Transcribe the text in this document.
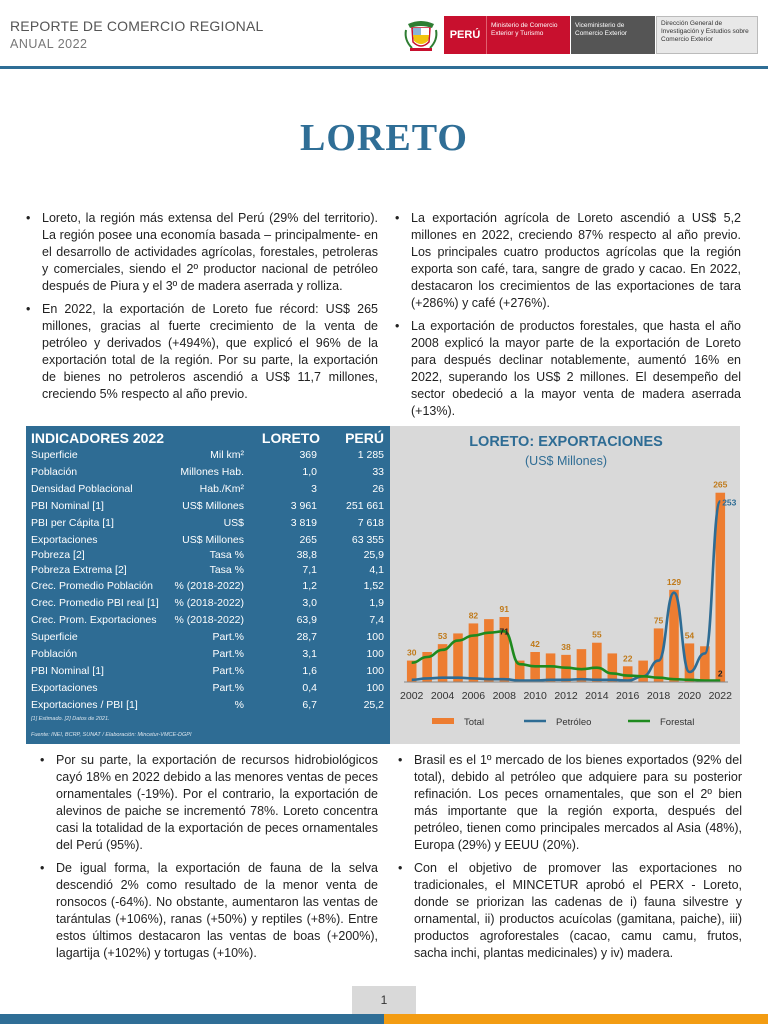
REPORTE DE COMERCIO REGIONAL
ANUAL 2022
PERÚ
Ministerio de Comercio Exterior y Turismo
Viceministerio de Comercio Exterior
Dirección General de Investigación y Estudios sobre Comercio Exterior
LORETO
• Loreto, la región más extensa del Perú (29% del territorio). La región posee una economía basada – principalmente- en el desarrollo de actividades agrícolas, forestales, petroleras y comerciales, siendo el 2º productor nacional de petróleo después de Piura y el 3º de madera aserrada y rolliza.
• En 2022, la exportación de Loreto fue récord: US$ 265 millones, gracias al fuerte crecimiento de la venta de petróleo y derivados (+494%), que explicó el 96% de la exportación total de la región. Por su parte, la exportación de bienes no petroleros ascendió a US$ 11,7 millones, creciendo 5% respecto al año previo.
• La exportación agrícola de Loreto ascendió a US$ 5,2 millones en 2022, creciendo 87% respecto al año previo. Los principales cuatro productos agrícolas que la región exporta son café, tara, sangre de grado y cacao. En 2022, destacaron los crecimientos de las exportaciones de tara (+286%) y café (+276%).
• La exportación de productos forestales, que hasta el año 2008 explicó la mayor parte de la exportación de Loreto para después declinar notablemente, aumentó 16% en 2022, superando los US$ 2 millones. El desempeño del sector obedeció a la mayor venta de madera aserrada (+13%).
INDICADORES 2022	LORETO PERÚ
Superficie	Mil km²	369	1 285
Población	Millones Hab.	1,0	33
Densidad Poblacional	Hab./Km²	3	26
PBI Nominal [1]	US$ Millones	3 961	251 661
PBI per Cápita [1]	US$	3 819	7 618
Exportaciones	US$ Millones	265	63 355
Pobreza [2]	Tasa %	38,8	25,9
Pobreza Extrema [2]	Tasa %	7,1	4,1
Crec. Promedio Población % (2018-2022)	1,2	1,52
Crec. Promedio PBI real [1] % (2018-2022)	3,0	1,9
Crec. Prom. Exportaciones % (2018-2022)	63,9	7,4
Superficie	Part.%	28,7	100
Población	Part.%	3,1	100
PBI Nominal [1]	Part.%	1,6	100
Exportaciones	Part.%	0,4	100
Exportaciones / PBI [1]	%	6,7	25,2
[1] Estimado. [2] Datos de 2021.
Fuente: INEI, BCRP, SUNAT / Elaboración: Mincetur-VMCE-DGPI
LORETO: EXPORTACIONES
(US$ Millones)
30
53
82
91
42	38
55
22
75
129
54
265
71
253
2
2002 2004 2006 2008 2010 2012 2014 2016 2018 2020 2022
Total	Petróleo	Forestal
• Por su parte, la exportación de recursos hidrobiológicos cayó 18% en 2022 debido a las menores ventas de peces ornamentales (-19%). Por el contrario, la exportación de alevinos de paiche se incrementó 78%. Loreto concentra casi la totalidad de la exportación de peces ornamentales del Perú (95%).
• De igual forma, la exportación de fauna de la selva descendió 2% como resultado de la menor venta de ronsocos (-64%). No obstante, aumentaron las ventas de tarántulas (+106%), ranas (+50%) y reptiles (+8%). Entre estos últimos destacaron las ventas de boas (+200%), lagartija (+102%) y tortugas (+10%).
• Brasil es el 1º mercado de los bienes exportados (92% del total), debido al petróleo que adquiere para su posterior refinación. Los peces ornamentales, que son el 2º bien más importante que la región exporta, después del petróleo, tienen como principales mercados al Asia (48%), Europa (29%) y EEUU (20%).
• Con el objetivo de promover las exportaciones no tradicionales, el MINCETUR aprobó el PERX - Loreto, donde se priorizan las cadenas de i) fauna silvestre y ornamental, ii) productos acuícolas (gamitana, paiche), iii) productos agroforestales (cacao, camu camu, frutos, sacha inchi, plantas medicinales) y iv) madera.
1
